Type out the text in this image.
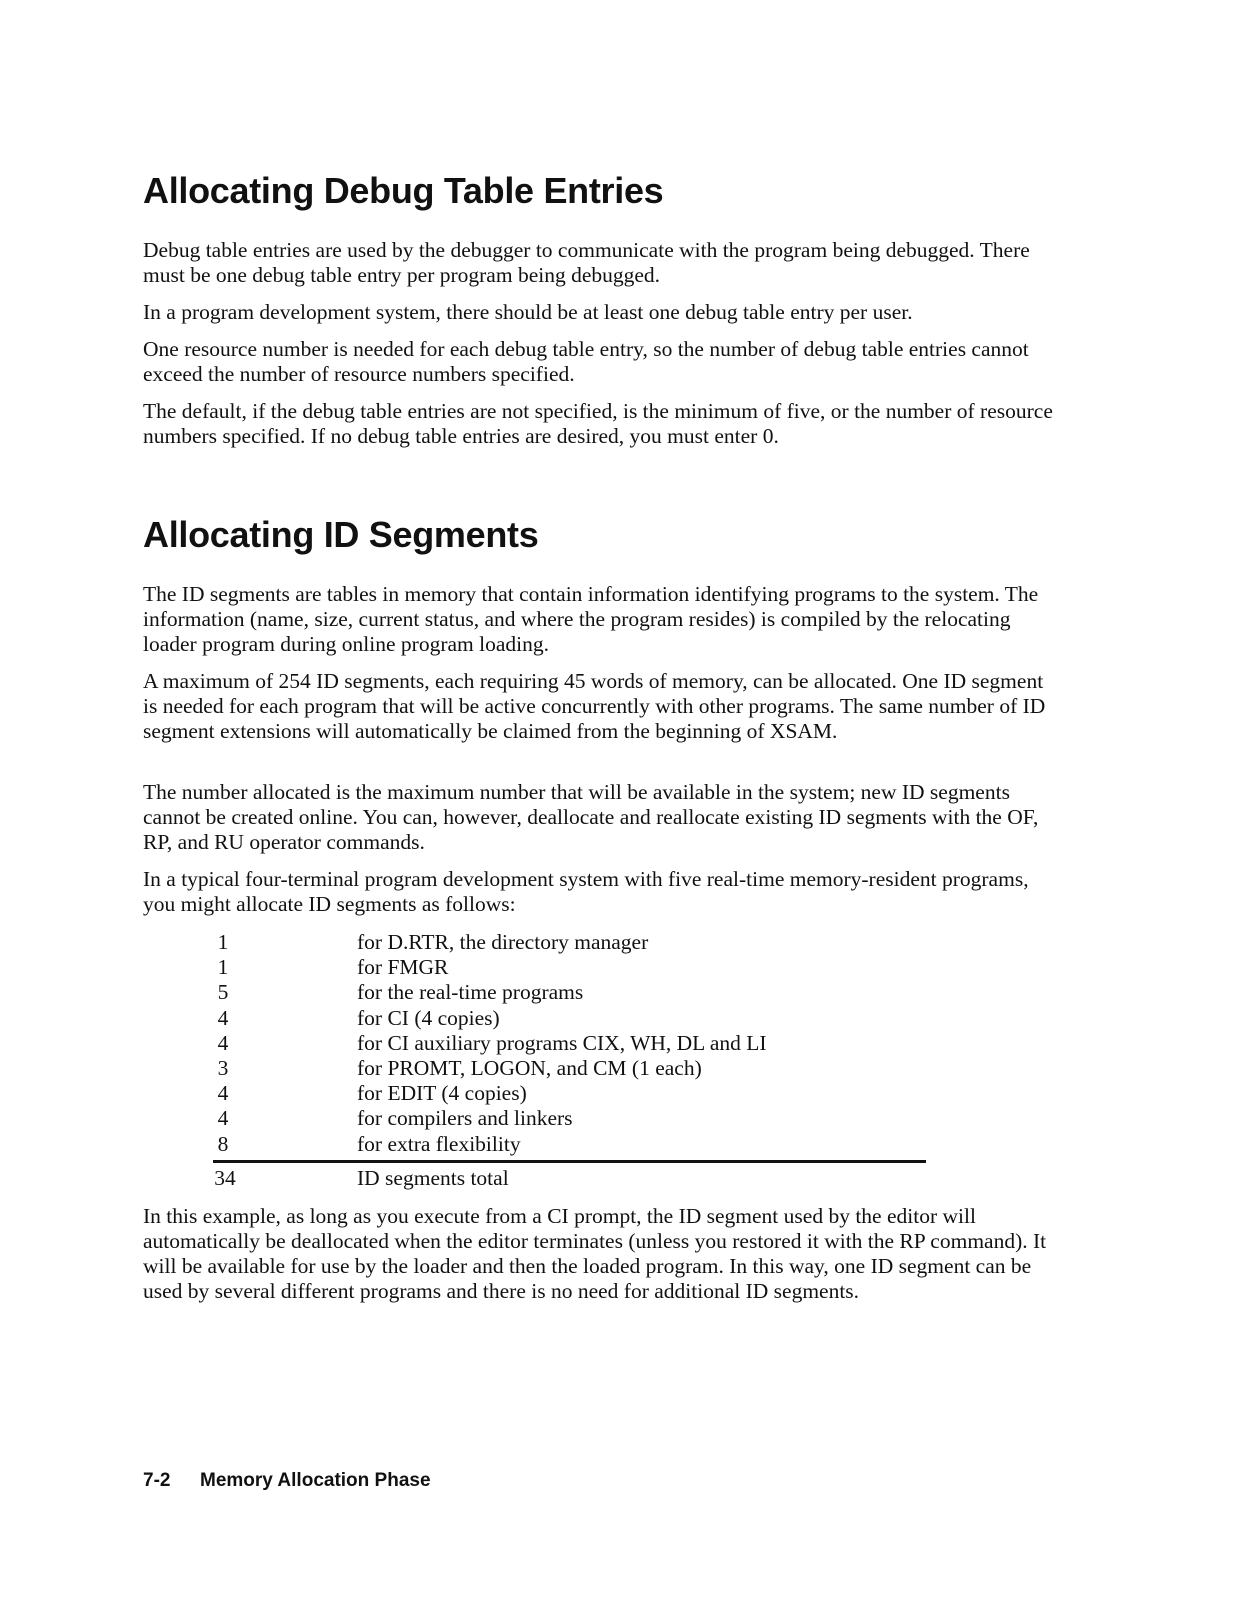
Allocating Debug Table Entries

Debug table entries are used by the debugger to communicate with the program being debugged. There must be one debug table entry per program being debugged.

In a program development system, there should be at least one debug table entry per user.

One resource number is needed for each debug table entry, so the number of debug table entries cannot exceed the number of resource numbers specified.

The default, if the debug table entries are not specified, is the minimum of five, or the number of resource numbers specified. If no debug table entries are desired, you must enter 0.

Allocating ID Segments

The ID segments are tables in memory that contain information identifying programs to the system. The information (name, size, current status, and where the program resides) is compiled by the relocating loader program during online program loading.

A maximum of 254 ID segments, each requiring 45 words of memory, can be allocated. One ID segment is needed for each program that will be active concurrently with other programs. The same number of ID segment extensions will automatically be claimed from the beginning of XSAM.

The number allocated is the maximum number that will be available in the system; new ID segments cannot be created online. You can, however, deallocate and reallocate existing ID segments with the OF, RP, and RU operator commands.

In a typical four-terminal program development system with five real-time memory-resident programs, you might allocate ID segments as follows:

1	for D.RTR, the directory manager
1	for FMGR
5	for the real-time programs
4	for CI (4 copies)
4	for CI auxiliary programs CIX, WH, DL and LI
3	for PROMT, LOGON, and CM (1 each)
4	for EDIT (4 copies)
4	for compilers and linkers
8	for extra flexibility
34	ID segments total

In this example, as long as you execute from a CI prompt, the ID segment used by the editor will automatically be deallocated when the editor terminates (unless you restored it with the RP command). It will be available for use by the loader and then the loaded program. In this way, one ID segment can be used by several different programs and there is no need for additional ID segments.

7-2 Memory Allocation Phase
